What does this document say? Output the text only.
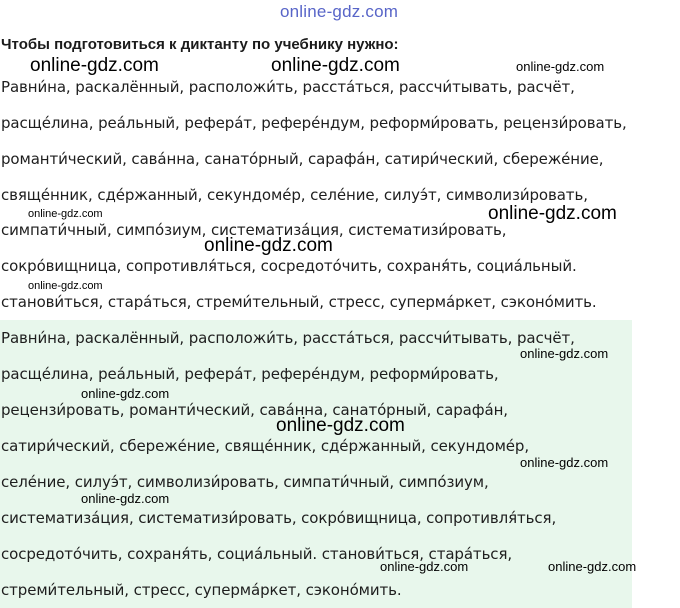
online-gdz.com
Чтобы подготовиться к диктанту по учебнику нужно:
Равни́на, раскалённый, расположи́ть, расста́ться, рассчи́тывать, расчёт,
расще́лина, реа́льный, рефера́т, рефере́ндум, реформи́ровать, рецензи́ровать,
романти́ческий, сава́нна, санато́рный, сарафа́н, сатири́ческий, сбереже́ние,
свяще́нник, сде́ржанный, секундоме́р, селе́ние, силуэ́т, символизи́ровать,
симпати́чный, симпо́зиум, систематиза́ция, систематизи́ровать,
сокро́вищница, сопротивля́ться, сосредото́чить, сохраня́ть, социа́льный.
станови́ться, стара́ться, стреми́тельный, стресс, суперма́ркет, сэконо́мить.
Равни́на, раскалённый, расположи́ть, расста́ться, рассчи́тывать, расчёт,
расще́лина, реа́льный, рефера́т, рефере́ндум, реформи́ровать,
рецензи́ровать, романти́ческий, сава́нна, санато́рный, сарафа́н,
сатири́ческий, сбереже́ние, свяще́нник, сде́ржанный, секундоме́р,
селе́ние, силуэ́т, символизи́ровать, симпати́чный, симпо́зиум,
систематиза́ция, систематизи́ровать, сокро́вищница, сопротивля́ться,
сосредото́чить, сохраня́ть, социа́льный. станови́ться, стара́ться,
стреми́тельный, стресс, суперма́ркет, сэконо́мить.
online-gdz.com	online-gdz.com	online-gdz.com
online-gdz.com
online-gdz.com
online-gdz.com
online-gdz.com
online-gdz.com
online-gdz.com
online-gdz.com
online-gdz.com
online-gdz.com
online-gdz.com	online-gdz.com
